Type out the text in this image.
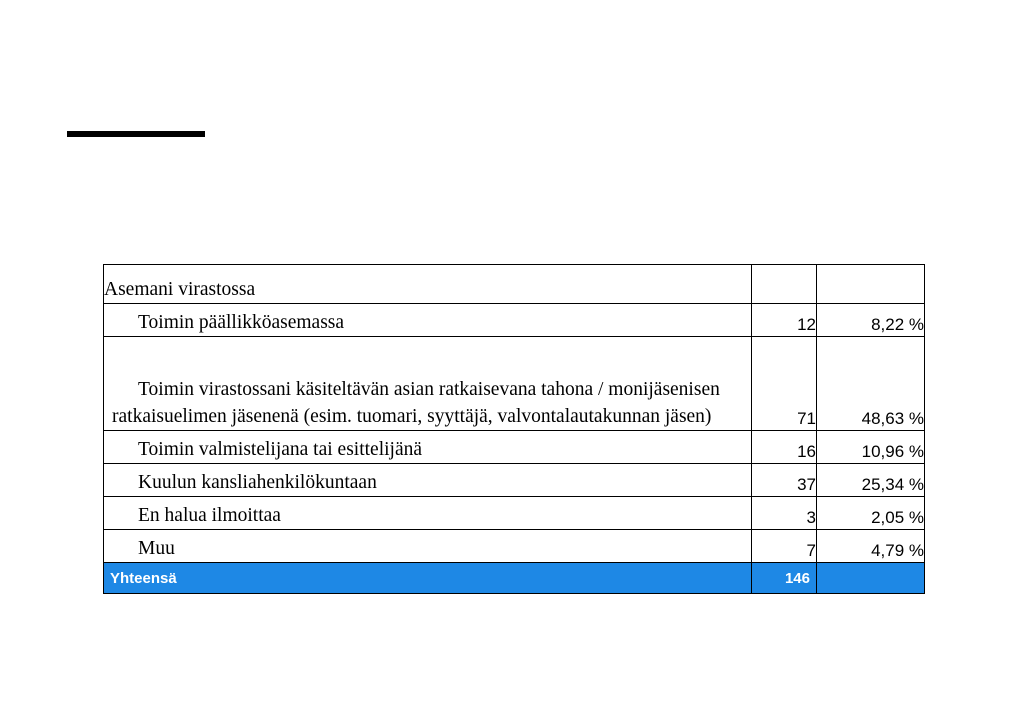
Asemani virastossa		
Toimin päällikköasemassa	12	8,22 %
Toimin virastossani käsiteltävän asian ratkaisevana tahona / monijäsenisen ratkaisuelimen jäsenenä (esim. tuomari, syyttäjä, valvontalautakunnan jäsen)	71	48,63 %
Toimin valmistelijana tai esittelijänä	16	10,96 %
Kuulun kansliahenkilökuntaan	37	25,34 %
En halua ilmoittaa	3	2,05 %
Muu	7	4,79 %
Yhteensä	146	
